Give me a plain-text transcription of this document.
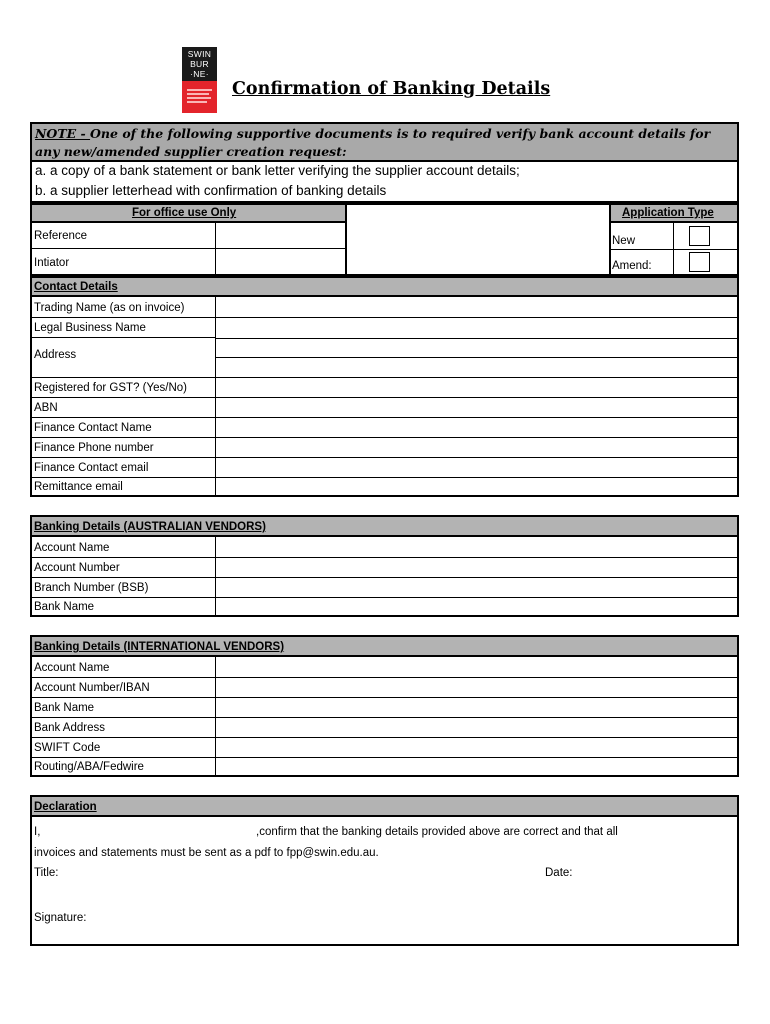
SWIN
BUR
·NE·
Confirmation of Banking Details
NOTE - One of the following supportive documents is to required verify bank account details for any new/amended supplier creation request:
a. a copy of a bank statement or bank letter verifying the supplier account details;
b. a supplier letterhead with confirmation of banking details
For office use Only	Application Type
Reference
Intiator
New
Amend:
Contact Details
Trading Name (as on invoice)
Legal Business Name
Address
Registered for GST? (Yes/No)
ABN
Finance Contact Name
Finance Phone number
Finance Contact email
Remittance email
Banking Details (AUSTRALIAN VENDORS)
Account Name
Account Number
Branch Number (BSB)
Bank Name
Banking Details (INTERNATIONAL VENDORS)
Account Name
Account Number/IBAN
Bank Name
Bank Address
SWIFT Code
Routing/ABA/Fedwire
Declaration
I,	,confirm that the banking details provided above are correct and that all
invoices and statements must be sent as a pdf to fpp@swin.edu.au.
Title:	Date:
Signature:
